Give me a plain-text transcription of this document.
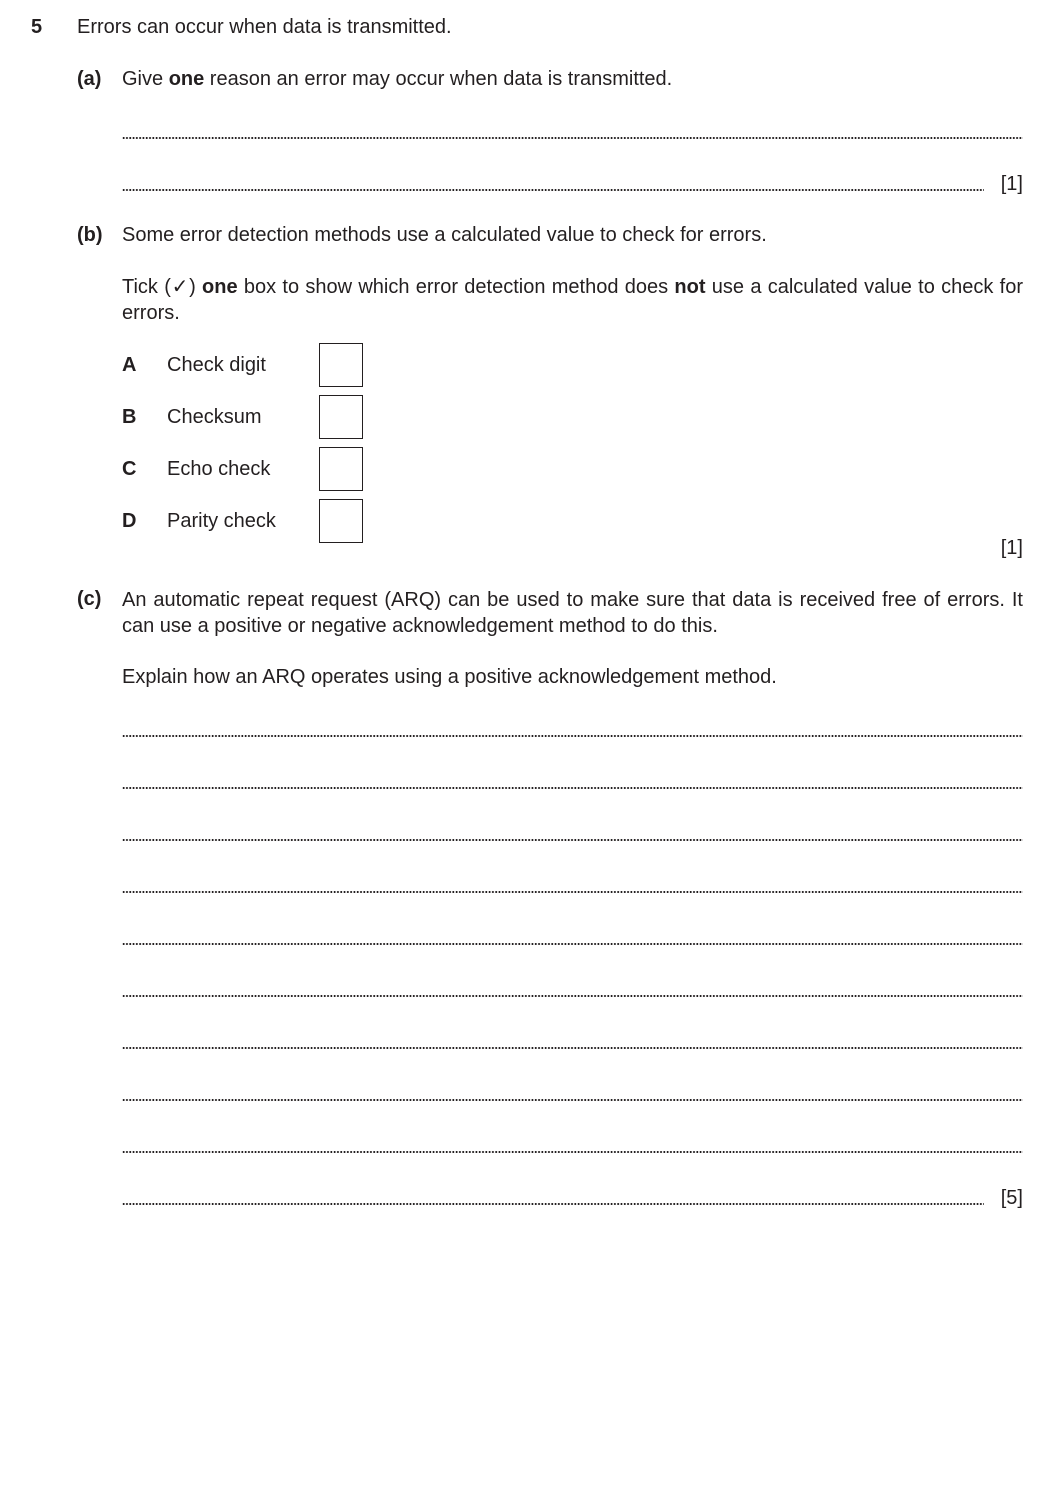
5 Errors can occur when data is transmitted.
(a) Give one reason an error may occur when data is transmitted.
[1]
(b) Some error detection methods use a calculated value to check for errors.
Tick (✓) one box to show which error detection method does not use a calculated value to check for errors.
A Check digit
B Checksum
C Echo check
D Parity check
[1]
(c) An automatic repeat request (ARQ) can be used to make sure that data is received free of errors. It can use a positive or negative acknowledgement method to do this.
Explain how an ARQ operates using a positive acknowledgement method.
[5]
